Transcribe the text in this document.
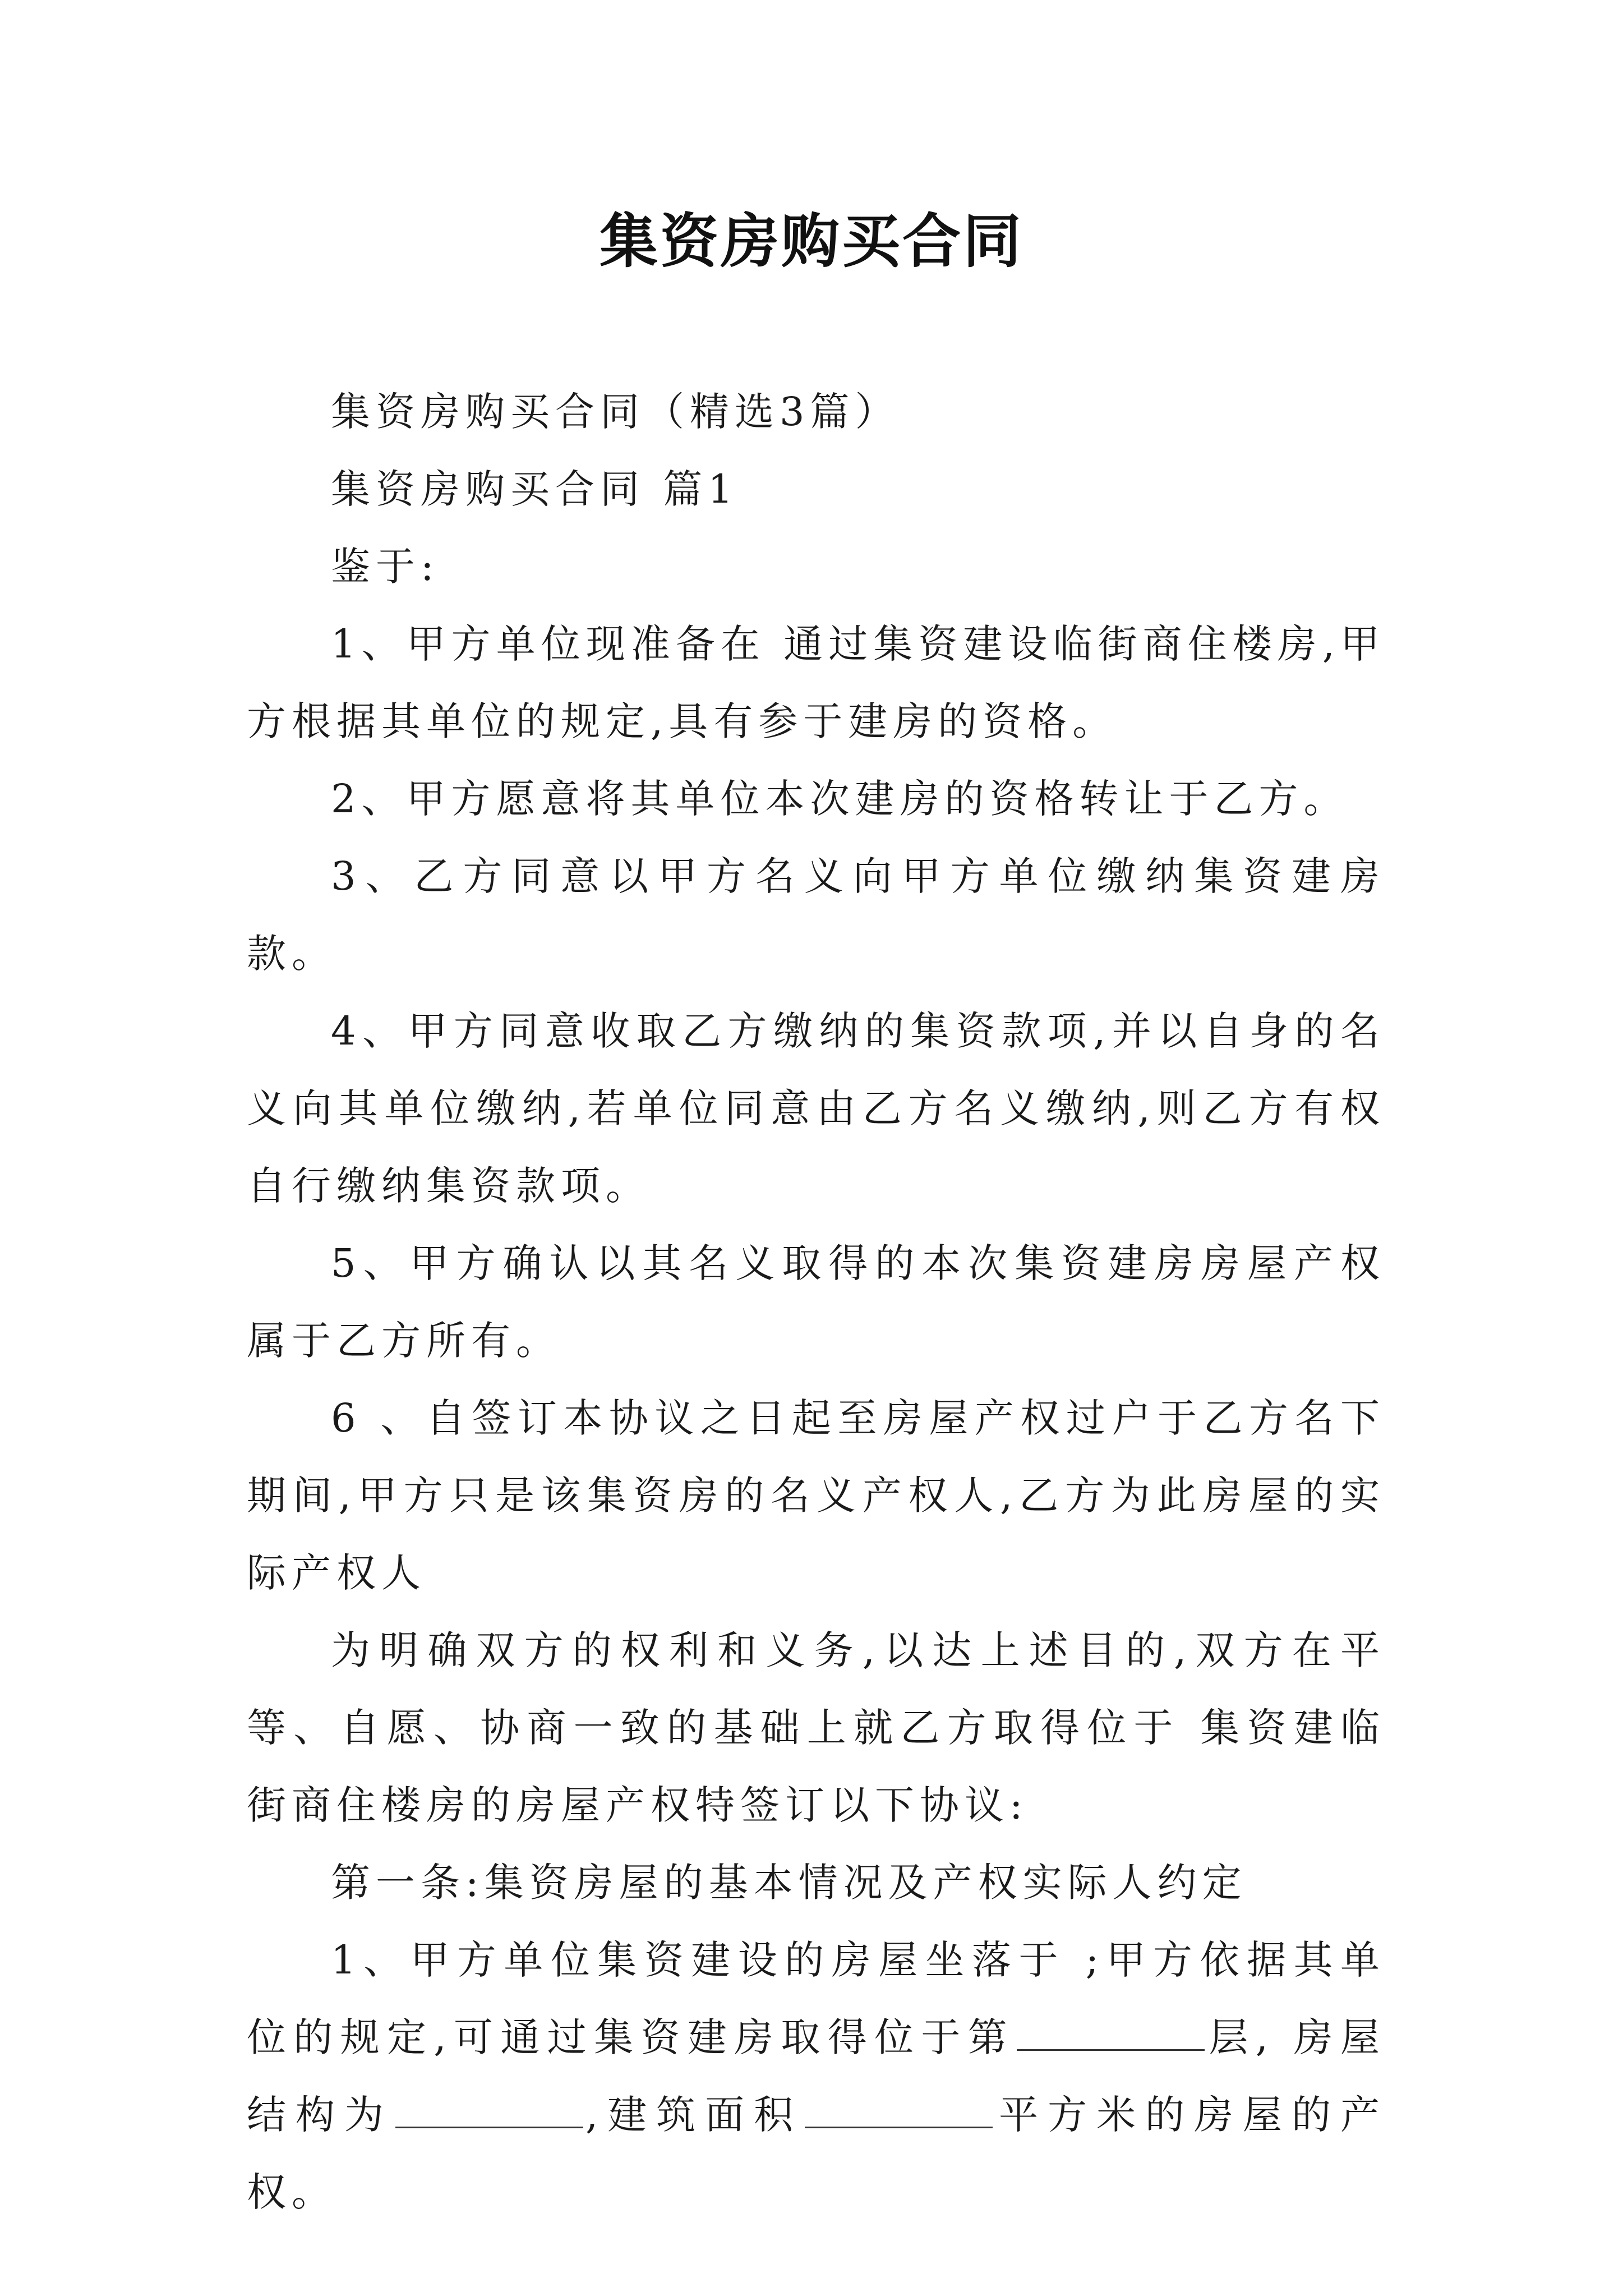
集资房购买合同

集资房购买合同（精选3篇）

集资房购买合同 篇1

鉴于:

1、甲方单位现准备在 通过集资建设临街商住楼房,甲方根据其单位的规定,具有参于建房的资格。

2、甲方愿意将其单位本次建房的资格转让于乙方。

3、乙方同意以甲方名义向甲方单位缴纳集资建房款。

4、甲方同意收取乙方缴纳的集资款项,并以自身的名义向其单位缴纳,若单位同意由乙方名义缴纳,则乙方有权自行缴纳集资款项。

5、甲方确认以其名义取得的本次集资建房房屋产权属于乙方所有。

6 、自签订本协议之日起至房屋产权过户于乙方名下期间,甲方只是该集资房的名义产权人,乙方为此房屋的实际产权人

为明确双方的权利和义务,以达上述目的,双方在平等、自愿、协商一致的基础上就乙方取得位于 集资建临街商住楼房的房屋产权特签订以下协议:

第一条:集资房屋的基本情况及产权实际人约定

1、甲方单位集资建设的房屋坐落于 ;甲方依据其单位的规定,可通过集资建房取得位于第	层, 房屋结构为	,建筑面积	平方米的房屋的产权。
